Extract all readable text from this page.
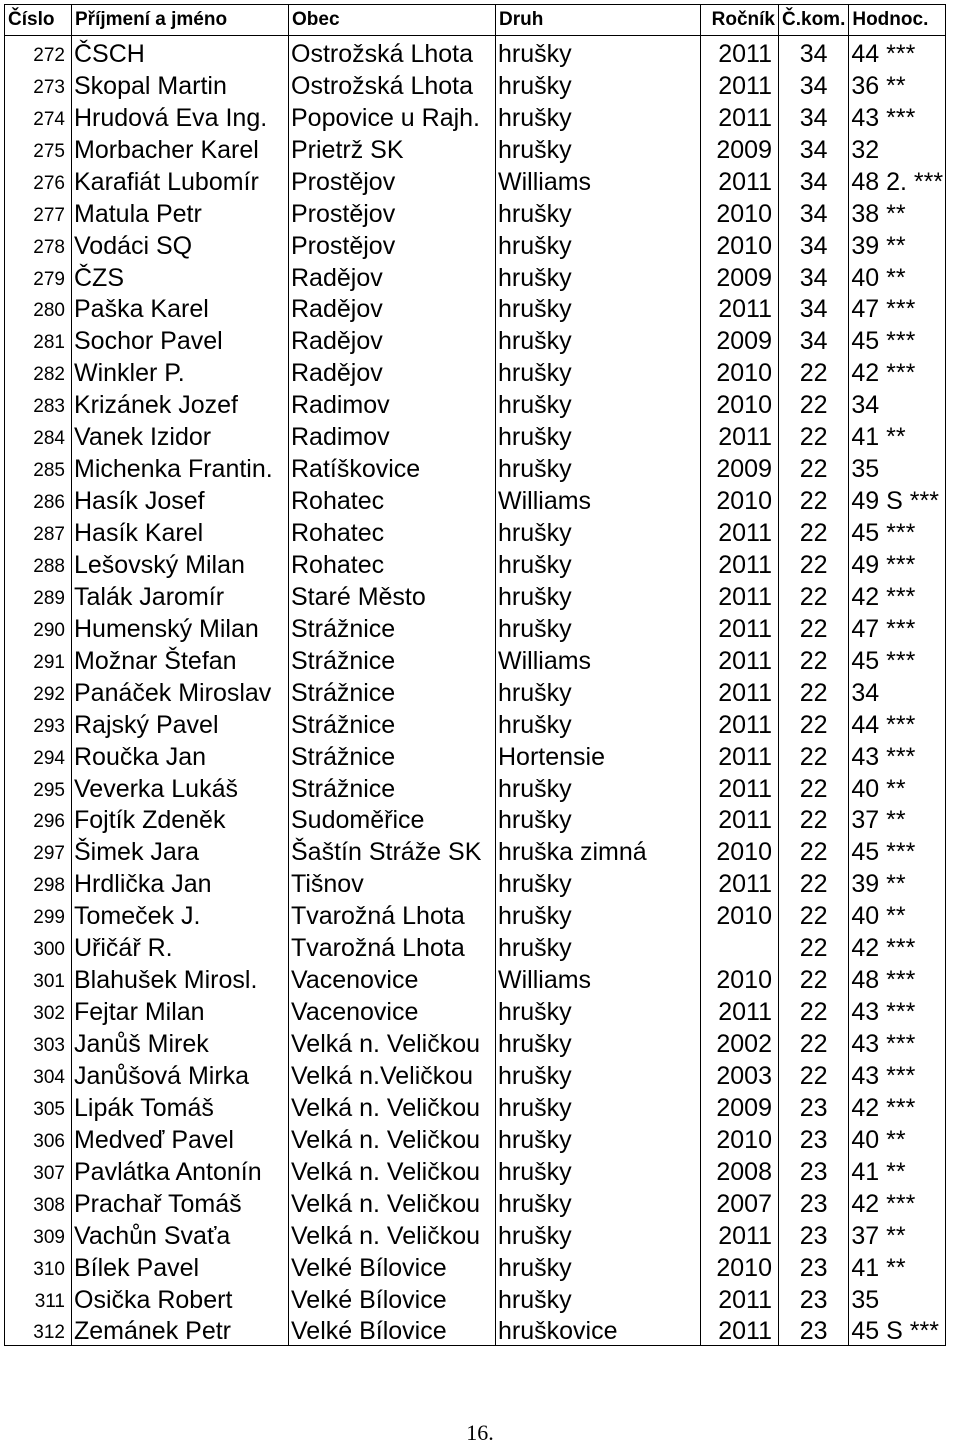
Číslo	Příjmení a jméno	Obec	Druh	Ročník	Č.kom.	Hodnoc.
272	ČSCH	Ostrožská Lhota	hrušky	2011	34	44 ***
273	Skopal Martin	Ostrožská Lhota	hrušky	2011	34	36 **
274	Hrudová Eva Ing.	Popovice u Rajh.	hrušky	2011	34	43 ***
275	Morbacher Karel	Prietrž SK	hrušky	2009	34	32
276	Karafiát Lubomír	Prostějov	Williams	2011	34	48 2. ***
277	Matula Petr	Prostějov	hrušky	2010	34	38 **
278	Vodáci SQ	Prostějov	hrušky	2010	34	39 **
279	ČZS	Radějov	hrušky	2009	34	40 **
280	Paška Karel	Radějov	hrušky	2011	34	47 ***
281	Sochor Pavel	Radějov	hrušky	2009	34	45 ***
282	Winkler P.	Radějov	hrušky	2010	22	42 ***
283	Krizánek Jozef	Radimov	hrušky	2010	22	34
284	Vanek Izidor	Radimov	hrušky	2011	22	41 **
285	Michenka Frantin.	Ratíškovice	hrušky	2009	22	35
286	Hasík Josef	Rohatec	Williams	2010	22	49 S ***
287	Hasík Karel	Rohatec	hrušky	2011	22	45 ***
288	Lešovský Milan	Rohatec	hrušky	2011	22	49 ***
289	Talák Jaromír	Staré Město	hrušky	2011	22	42 ***
290	Humenský Milan	Strážnice	hrušky	2011	22	47 ***
291	Možnar Štefan	Strážnice	Williams	2011	22	45 ***
292	Panáček Miroslav	Strážnice	hrušky	2011	22	34
293	Rajský Pavel	Strážnice	hrušky	2011	22	44 ***
294	Roučka Jan	Strážnice	Hortensie	2011	22	43 ***
295	Veverka Lukáš	Strážnice	hrušky	2011	22	40 **
296	Fojtík Zdeněk	Sudoměřice	hrušky	2011	22	37 **
297	Šimek Jara	Šaštín Stráže SK	hruška zimná	2010	22	45 ***
298	Hrdlička Jan	Tišnov	hrušky	2011	22	39 **
299	Tomeček J.	Tvarožná Lhota	hrušky	2010	22	40 **
300	Uřičář R.	Tvarožná Lhota	hrušky		22	42 ***
301	Blahušek Mirosl.	Vacenovice	Williams	2010	22	48 ***
302	Fejtar Milan	Vacenovice	hrušky	2011	22	43 ***
303	Janůš Mirek	Velká n. Veličkou	hrušky	2002	22	43 ***
304	Janůšová Mirka	Velká n.Veličkou	hrušky	2003	22	43 ***
305	Lipák Tomáš	Velká n. Veličkou	hrušky	2009	23	42 ***
306	Medveď Pavel	Velká n. Veličkou	hrušky	2010	23	40 **
307	Pavlátka Antonín	Velká n. Veličkou	hrušky	2008	23	41 **
308	Prachař Tomáš	Velká n. Veličkou	hrušky	2007	23	42 ***
309	Vachůn Svaťa	Velká n. Veličkou	hrušky	2011	23	37 **
310	Bílek Pavel	Velké Bílovice	hrušky	2010	23	41 **
311	Osička Robert	Velké Bílovice	hrušky	2011	23	35
312	Zemánek Petr	Velké Bílovice	hruškovice	2011	23	45 S ***
16.
